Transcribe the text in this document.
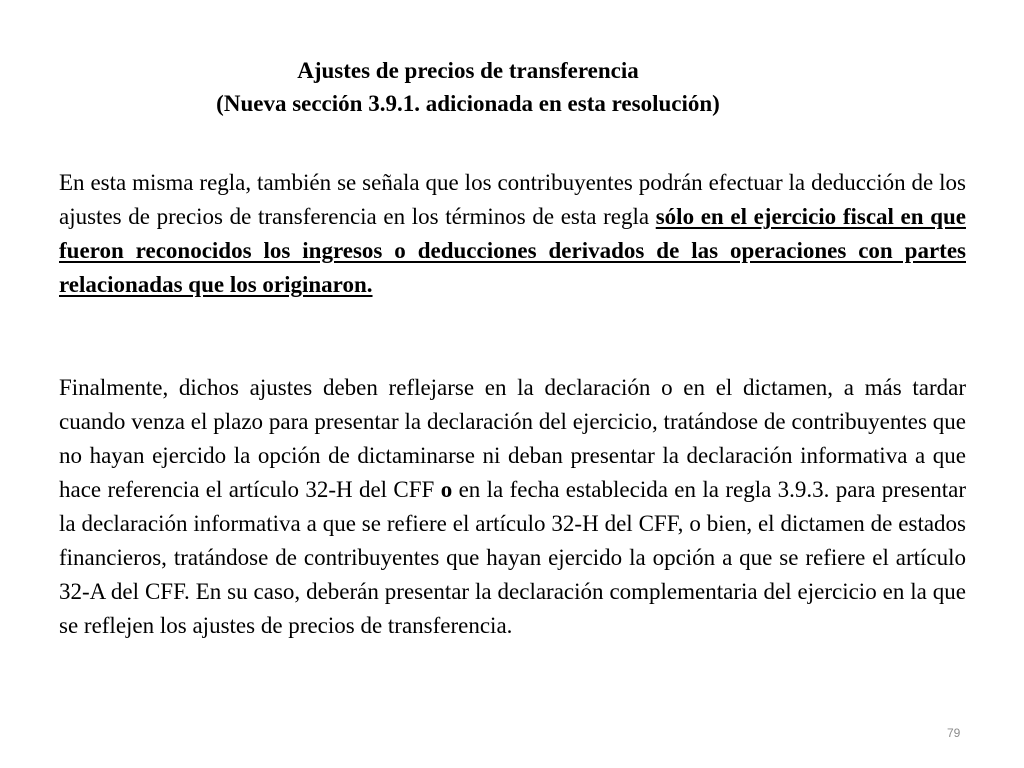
Ajustes de precios de transferencia
(Nueva sección 3.9.1. adicionada en esta resolución)
En esta misma regla, también se señala que los contribuyentes podrán efectuar la deducción de los ajustes de precios de transferencia en los términos de esta regla sólo en el ejercicio fiscal en que fueron reconocidos los ingresos o deducciones derivados de las operaciones con partes relacionadas que los originaron.
Finalmente, dichos ajustes deben reflejarse en la declaración o en el dictamen, a más tardar cuando venza el plazo para presentar la declaración del ejercicio, tratándose de contribuyentes que no hayan ejercido la opción de dictaminarse ni deban presentar la declaración informativa a que hace referencia el artículo 32-H del CFF o en la fecha establecida en la regla 3.9.3. para presentar la declaración informativa a que se refiere el artículo 32-H del CFF, o bien, el dictamen de estados financieros, tratándose de contribuyentes que hayan ejercido la opción a que se refiere el artículo 32-A del CFF. En su caso, deberán presentar la declaración complementaria del ejercicio en la que se reflejen los ajustes de precios de transferencia.
79
